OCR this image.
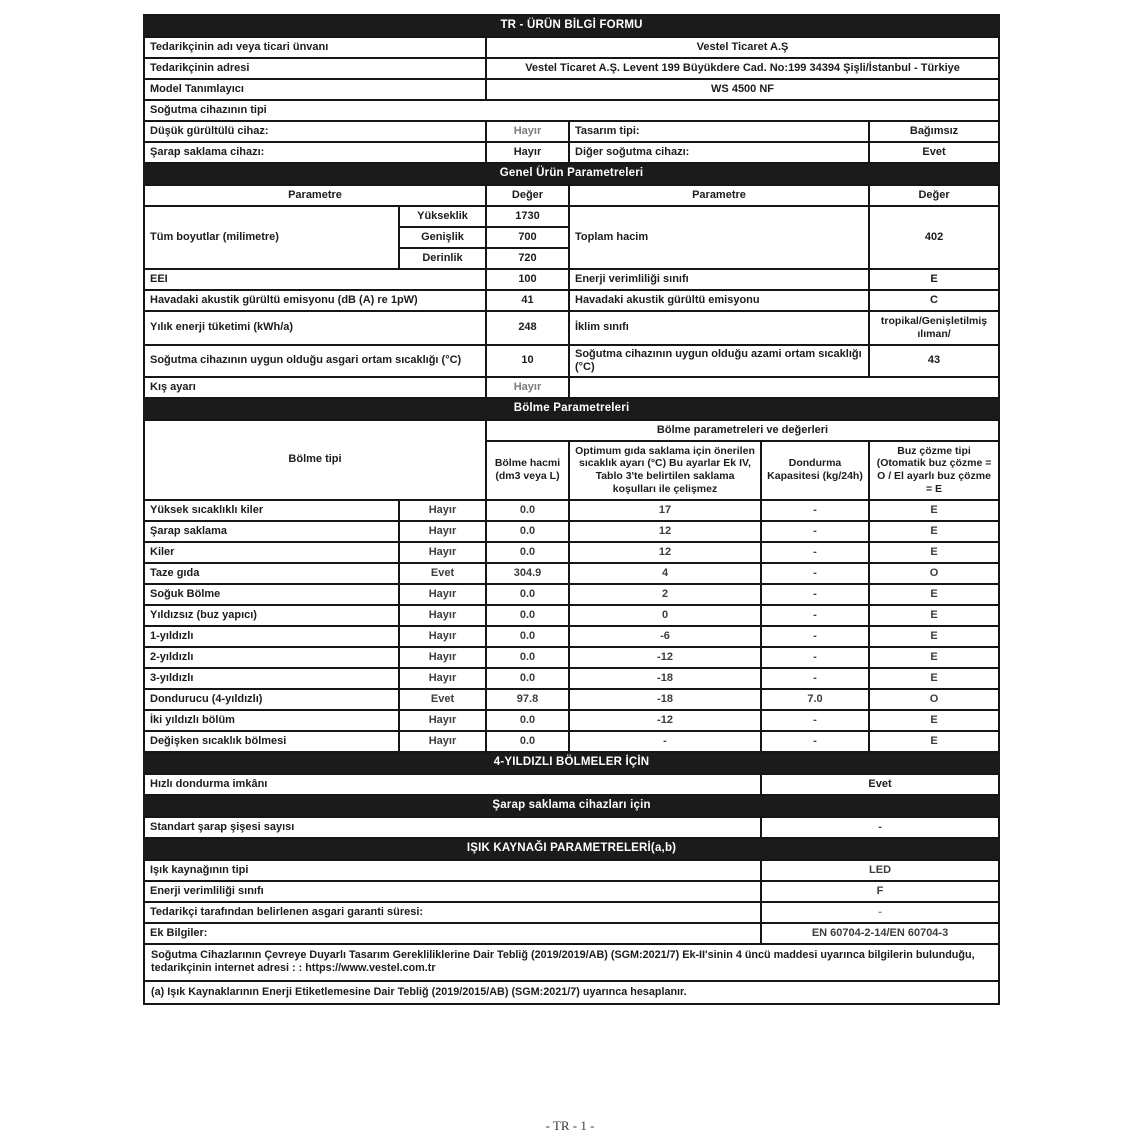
TR - ÜRÜN BİLGİ FORMU					
Tedarikçinin adı veya ticari ünvanı		Vestel Ticaret A.Ş			
Tedarikçinin adresi		Vestel Ticaret A.Ş. Levent 199 Büyükdere Cad. No:199 34394 Şişli/İstanbul - Türkiye			
Model Tanımlayıcı		WS 4500 NF			
Soğutma cihazının tipi					
Düşük gürültülü cihaz:		Hayır	Tasarım tipi:		Bağımsız
Şarap saklama cihazı:		Hayır	Diğer soğutma cihazı:		Evet
Genel Ürün Parametreleri					
Parametre		Değer	Parametre		Değer
Tüm boyutlar (milimetre)	Yükseklik	1730	Toplam hacim		402
	Genişlik	700			
	Derinlik	720			
EEI		100	Enerji verimliliği sınıfı		E
Havadaki akustik gürültü emisyonu (dB (A) re 1pW)		41	Havadaki akustik gürültü emisyonu		C
Yılık enerji tüketimi (kWh/a)		248	İklim sınıfı		tropikal/Genişletilmiş ılıman/
Soğutma cihazının uygun olduğu asgari ortam sıcaklığı (°C)		10	Soğutma cihazının uygun olduğu azami ortam sıcaklığı (°C)		43
Kış ayarı		Hayır			
Bölme Parametreleri					
Bölme tipi		Bölme parametreleri ve değerleri			
		Bölme hacmi (dm3 veya L)	Optimum gıda saklama için önerilen sıcaklık ayarı (°C) Bu ayarlar Ek IV, Tablo 3'te belirtilen saklama koşulları ile çelişmez	Dondurma Kapasitesi (kg/24h)	Buz çözme tipi (Otomatik buz çözme = O / El ayarlı buz çözme = E
Yüksek sıcaklıklı kiler	Hayır	0.0	17	-	E
Şarap saklama	Hayır	0.0	12	-	E
Kiler	Hayır	0.0	12	-	E
Taze gıda	Evet	304.9	4	-	O
Soğuk Bölme	Hayır	0.0	2	-	E
Yıldızsız (buz yapıcı)	Hayır	0.0	0	-	E
1-yıldızlı	Hayır	0.0	-6	-	E
2-yıldızlı	Hayır	0.0	-12	-	E
3-yıldızlı	Hayır	0.0	-18	-	E
Dondurucu (4-yıldızlı)	Evet	97.8	-18	7.0	O
İki yıldızlı bölüm	Hayır	0.0	-12	-	E
Değişken sıcaklık bölmesi	Hayır	0.0	-	-	E
4-YILDIZLI BÖLMELER İÇİN					
Hızlı dondurma imkânı				Evet	
Şarap saklama cihazları için					
Standart şarap şişesi sayısı				-	
IŞIK KAYNAĞI PARAMETRELERİ(a,b)					
Işık kaynağının tipi				LED	
Enerji verimliliği sınıfı				F	
Tedarikçi tarafından belirlenen asgari garanti süresi:				-	
Ek Bilgiler:				EN 60704-2-14/EN 60704-3	
Soğutma Cihazlarının Çevreye Duyarlı Tasarım Gerekliliklerine Dair Tebliğ (2019/2019/AB) (SGM:2021/7) Ek-II'sinin 4 üncü maddesi uyarınca bilgilerin bulunduğu, tedarikçinin internet adresi : : https://www.vestel.com.tr					
(a) Işık Kaynaklarının Enerji Etiketlemesine Dair Tebliğ (2019/2015/AB) (SGM:2021/7) uyarınca hesaplanır.					
- TR - 1 -
